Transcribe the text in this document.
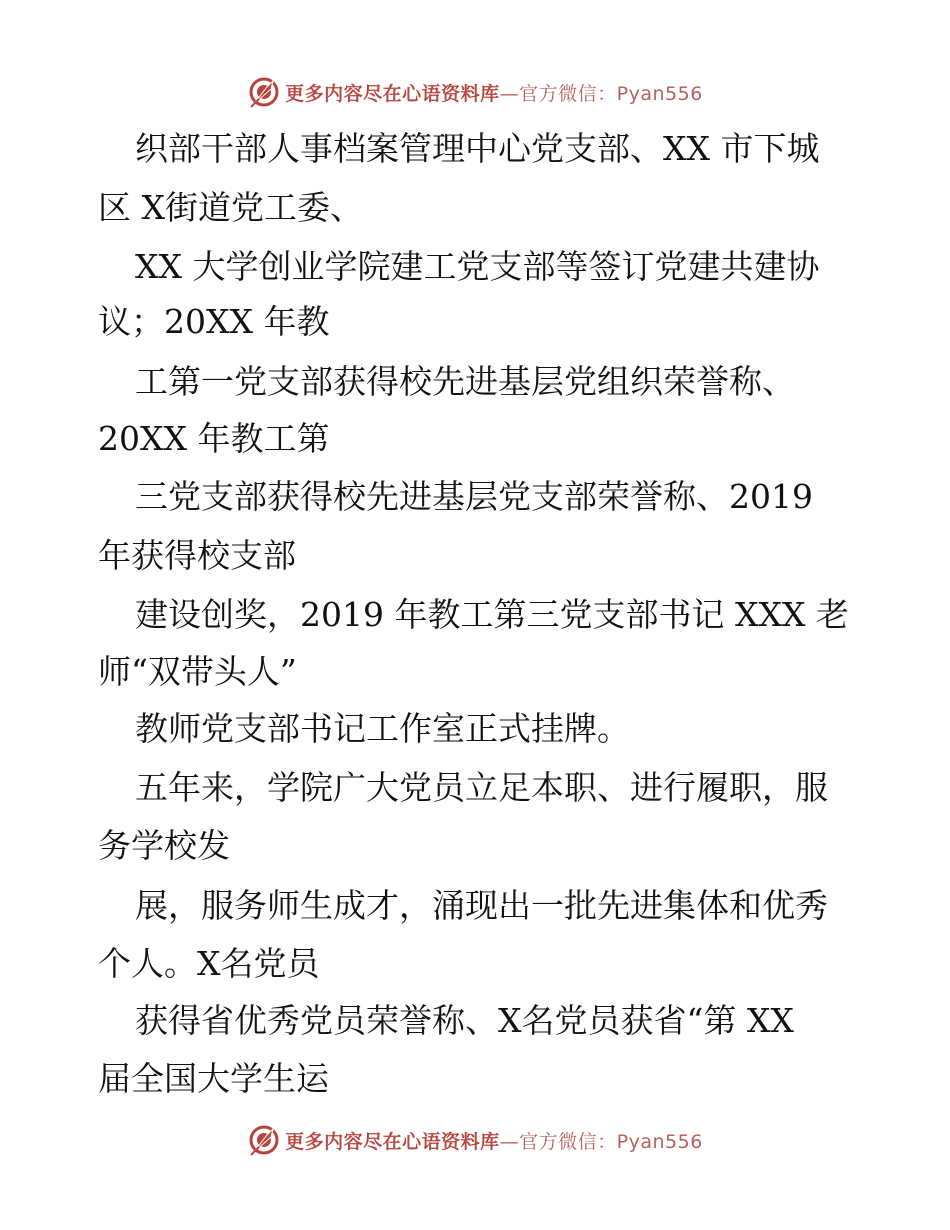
更多内容尽在心语资料库—官方微信：Pyan556
织部干部人事档案管理中心党支部、XX 市下城
区 X街道党工委、
XX 大学创业学院建工党支部等签订党建共建协
议；20XX 年教
工第一党支部获得校先进基层党组织荣誉称、
20XX 年教工第
三党支部获得校先进基层党支部荣誉称、2019
年获得校支部
建设创奖，2019 年教工第三党支部书记 XXX 老
师“双带头人”
教师党支部书记工作室正式挂牌。
五年来，学院广大党员立足本职、进行履职，服
务学校发
展，服务师生成才，涌现出一批先进集体和优秀
个人。X名党员
获得省优秀党员荣誉称、X名党员获省“第 XX
届全国大学生运
更多内容尽在心语资料库—官方微信：Pyan556
